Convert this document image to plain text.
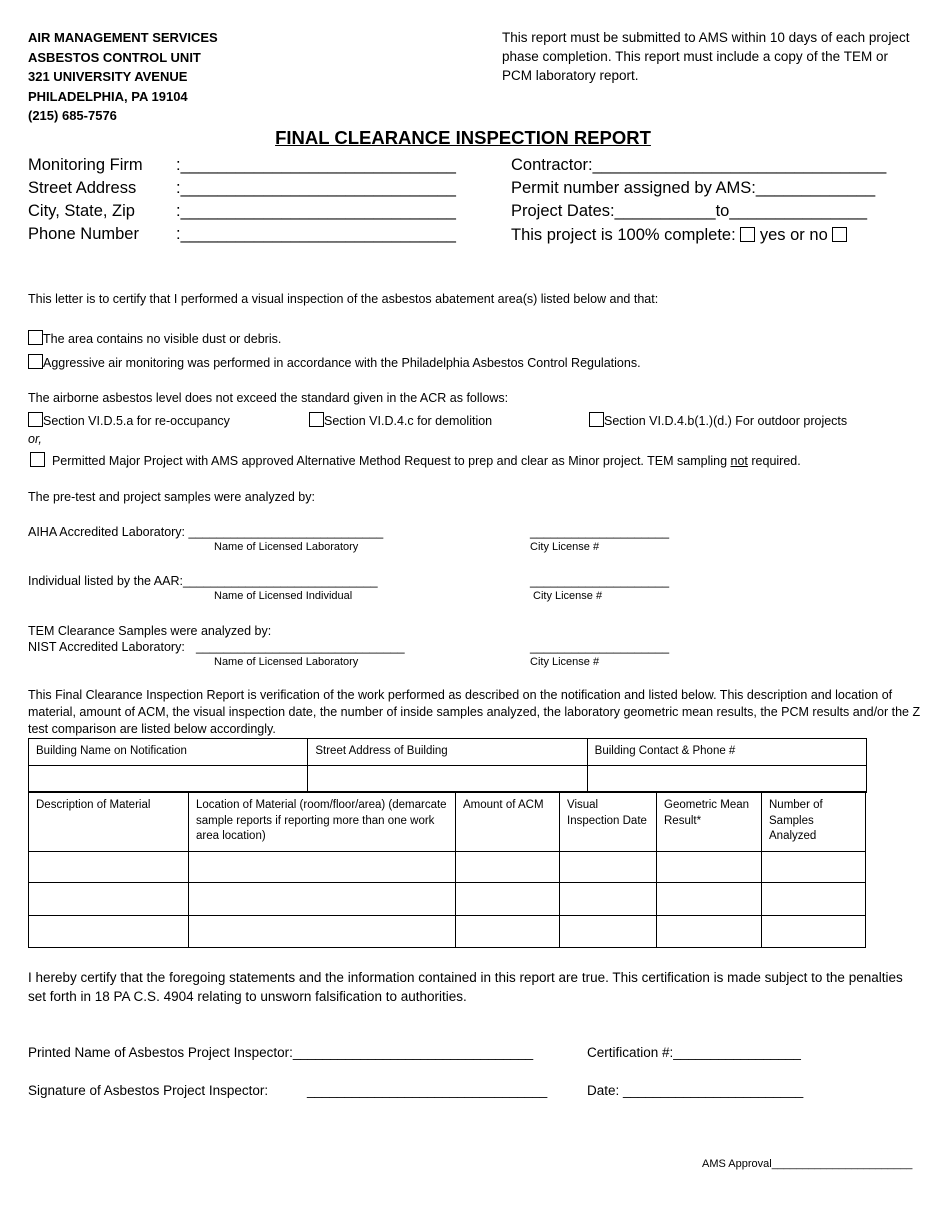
AIR MANAGEMENT SERVICES
ASBESTOS CONTROL UNIT
321 UNIVERSITY AVENUE
PHILADELPHIA, PA 19104
(215) 685-7576
This report must be submitted to AMS within 10 days of each project phase completion. This report must include a copy of the TEM or PCM laboratory report.
FINAL CLEARANCE INSPECTION REPORT
Monitoring Firm :______________________________
Street Address :______________________________
City, State, Zip :______________________________
Phone Number :______________________________
Contractor:________________________________
Permit number assigned by AMS:_____________
Project Dates:___________to_______________
This project is 100% complete: yes or no
This letter is to certify that I performed a visual inspection of the asbestos abatement area(s) listed below and that:
The area contains no visible dust or debris.
Aggressive air monitoring was performed in accordance with the Philadelphia Asbestos Control Regulations.
The airborne asbestos level does not exceed the standard given in the ACR as follows:
Section VI.D.5.a for re-occupancy	Section VI.D.4.c for demolition	Section VI.D.4.b(1.)(d.) For outdoor projects
or,
Permitted Major Project with AMS approved Alternative Method Request to prep and clear as Minor project. TEM sampling not required.
The pre-test and project samples were analyzed by:
AIHA Accredited Laboratory: ____________________________
Name of Licensed Laboratory
____________________
City License #
Individual listed by the AAR:____________________________
Name of Licensed Individual
____________________
City License #
TEM Clearance Samples were analyzed by:
NIST Accredited Laboratory: ______________________________
Name of Licensed Laboratory
____________________
City License #
This Final Clearance Inspection Report is verification of the work performed as described on the notification and listed below. This description and location of material, amount of ACM, the visual inspection date, the number of inside samples analyzed, the laboratory geometric mean results, the PCM results and/or the Z test comparison are listed below accordingly.
Building Name on Notification	Street Address of Building	Building Contact & Phone #

Description of Material	Location of Material (room/floor/area) (demarcate sample reports if reporting more than one work area location)	Amount of ACM	Visual Inspection Date	Geometric Mean Result*	Number of Samples Analyzed

I hereby certify that the foregoing statements and the information contained in this report are true. This certification is made subject to the penalties set forth in 18 PA C.S. 4904 relating to unsworn falsification to authorities.
Printed Name of Asbestos Project Inspector:________________________________	Certification #:_________________
Signature of Asbestos Project Inspector:	________________________________	Date: ________________________
AMS Approval_______________________
